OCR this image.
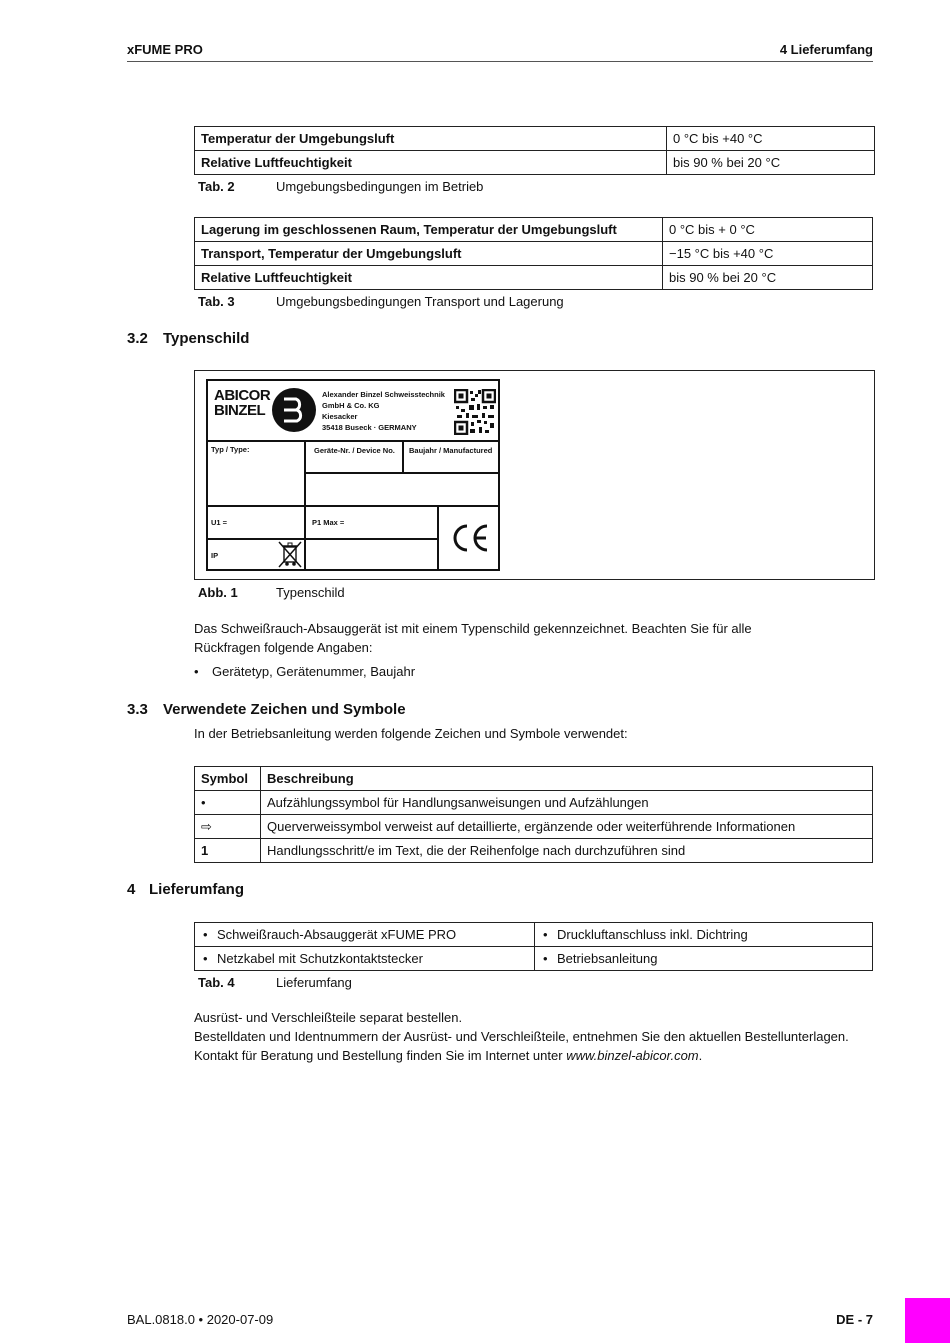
xFUME PRO	4 Lieferumfang
Temperatur der Umgebungsluft	0 °C bis +40 °C
Relative Luftfeuchtigkeit	bis 90 % bei 20 °C
Tab. 2	Umgebungsbedingungen im Betrieb
Lagerung im geschlossenen Raum, Temperatur der Umgebungsluft	0 °C bis + 0 °C
Transport, Temperatur der Umgebungsluft	−15 °C bis +40 °C
Relative Luftfeuchtigkeit	bis 90 % bei 20 °C
Tab. 3	Umgebungsbedingungen Transport und Lagerung
3.2 Typenschild
ABICOR
BINZEL
Alexander Binzel Schweisstechnik
GmbH & Co. KG
Kiesacker
35418 Buseck · GERMANY
Typ / Type:	Geräte-Nr. / Device No. Baujahr / Manufactured
U1 =	P1 Max =
IP
Abb. 1	Typenschild
Das Schweißrauch-Absauggerät ist mit einem Typenschild gekennzeichnet. Beachten Sie für alle Rückfragen folgende Angaben:
• Gerätetyp, Gerätenummer, Baujahr
3.3 Verwendete Zeichen und Symbole
In der Betriebsanleitung werden folgende Zeichen und Symbole verwendet:
Symbol	Beschreibung
•	Aufzählungssymbol für Handlungsanweisungen und Aufzählungen
⇨	Querverweissymbol verweist auf detaillierte, ergänzende oder weiterführende Informationen
1	Handlungsschritt/e im Text, die der Reihenfolge nach durchzuführen sind
4 Lieferumfang
• Schweißrauch-Absauggerät xFUME PRO	• Druckluftanschluss inkl. Dichtring
• Netzkabel mit Schutzkontaktstecker	• Betriebsanleitung
Tab. 4	Lieferumfang
Ausrüst- und Verschleißteile separat bestellen.
Bestelldaten und Identnummern der Ausrüst- und Verschleißteile, entnehmen Sie den aktuellen Bestellunterlagen. Kontakt für Beratung und Bestellung finden Sie im Internet unter www.binzel-abicor.com.
BAL.0818.0 • 2020-07-09	DE - 7
